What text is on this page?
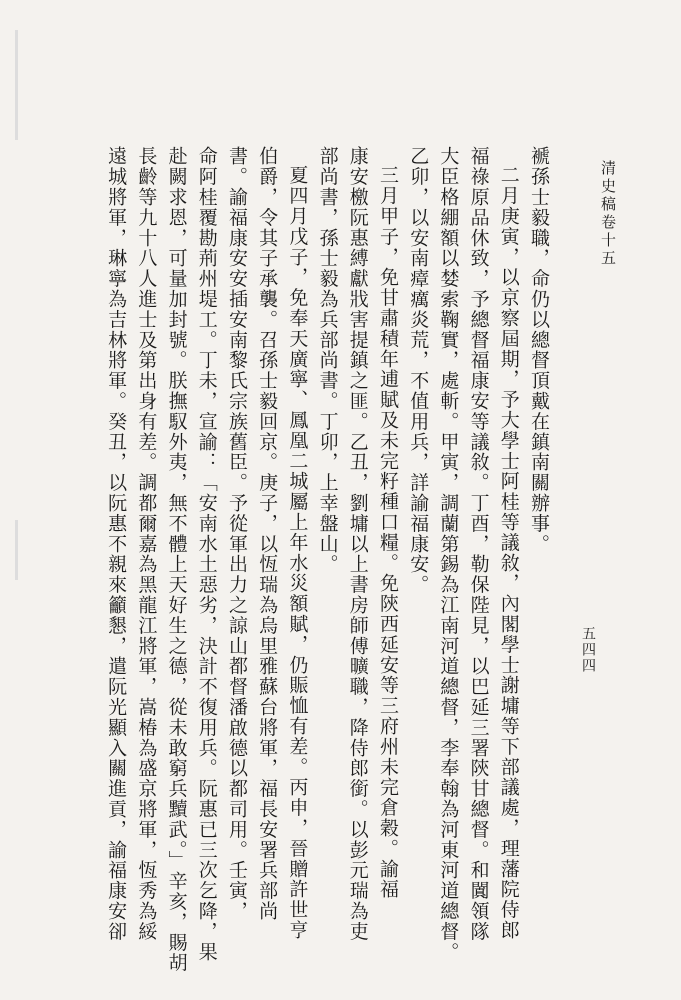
清史稿卷十五
五四四
褫孫士毅職，命仍以總督頂戴在鎮南關辦事。
二月庚寅，以京察屆期，予大學士阿桂等議敘，內閣學士謝墉等下部議處，理藩院侍郎
福祿原品休致，予總督福康安等議敘。丁酉，勒保陛見，以巴延三署陝甘總督。和闐領隊
大臣格綳額以婪索鞠實，處斬。甲寅，調蘭第錫為江南河道總督，李奉翰為河東河道總督。
乙卯，以安南瘴癘炎荒，不值用兵，詳諭福康安。
三月甲子，免甘肅積年逋賦及未完籽種口糧。免陝西延安等三府州未完倉穀。諭福
康安檄阮惠縛獻戕害提鎮之匪。乙丑，劉墉以上書房師傅曠職，降侍郎銜。以彭元瑞為吏
部尚書，孫士毅為兵部尚書。丁卯，上幸盤山。
夏四月戊子，免奉天廣寧、鳳凰二城屬上年水災額賦，仍賑恤有差。丙申，晉贈許世亨
伯爵，令其子承襲。召孫士毅回京。庚子，以恆瑞為烏里雅蘇台將軍，福長安署兵部尚
書。諭福康安安插安南黎氏宗族舊臣。予從軍出力之諒山都督潘啟德以都司用。壬寅，
命阿桂覆勘荊州堤工。丁未，宣諭：「安南水土惡劣，決計不復用兵。阮惠已三次乞降，果
赴闕求恩，可量加封號。朕撫馭外夷，無不體上天好生之德，從未敢窮兵黷武。」辛亥，賜胡
長齡等九十八人進士及第出身有差。調都爾嘉為黑龍江將軍，嵩椿為盛京將軍，恆秀為綏
遠城將軍，琳寧為吉林將軍。癸丑，以阮惠不親來籲懇，遣阮光顯入關進貢，諭福康安卻
